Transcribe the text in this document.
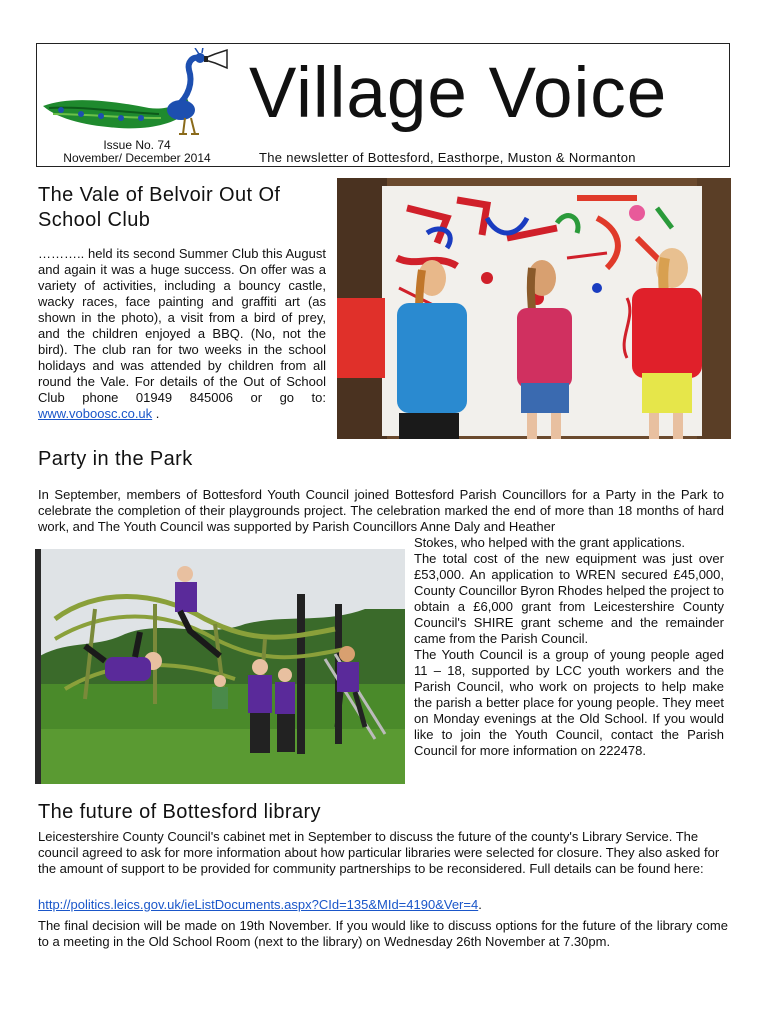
Issue No. 74
November/ December 2014
Village Voice
The newsletter of Bottesford, Easthorpe, Muston & Normanton
The Vale of Belvoir Out Of School Club

……….. held its second Summer Club this August and again it was a huge success. On offer was a variety of activities, including a bouncy castle, wacky races, face painting and graffiti art (as shown in the photo), a visit from a bird of prey, and the children enjoyed a BBQ. (No, not the bird). The club ran for two weeks in the school holidays and was attended by children from all round the Vale. For details of the Out of School Club phone 01949 845006 or go to: www.voboosc.co.uk .

Party in the Park

In September, members of Bottesford Youth Council joined Bottesford Parish Councillors for a Party in the Park to celebrate the completion of their playgrounds project. The celebration marked the end of more than 18 months of hard work, and The Youth Council was supported by Parish Councillors Anne Daly and Heather

Stokes, who helped with the grant applications.
The total cost of the new equipment was just over £53,000. An application to WREN secured £45,000, County Councillor Byron Rhodes helped the project to obtain a £6,000 grant from Leicestershire County Council's SHIRE grant scheme and the remainder came from the Parish Council.
The Youth Council is a group of young people aged 11 – 18, supported by LCC youth workers and the Parish Council, who work on projects to help make the parish a better place for young people. They meet on Monday evenings at the Old School. If you would like to join the Youth Council, contact the Parish Council for more information on 222478.

The future of Bottesford library

Leicestershire County Council's cabinet met in September to discuss the future of the county's Library Service. The council agreed to ask for more information about how particular libraries were selected for closure. They also asked for the amount of support to be provided for community partnerships to be reconsidered. Full details can be found here:

http://politics.leics.gov.uk/ieListDocuments.aspx?CId=135&MId=4190&Ver=4.

The final decision will be made on 19th November. If you would like to discuss options for the future of the library come to a meeting in the Old School Room (next to the library) on Wednesday 26th November at 7.30pm.
